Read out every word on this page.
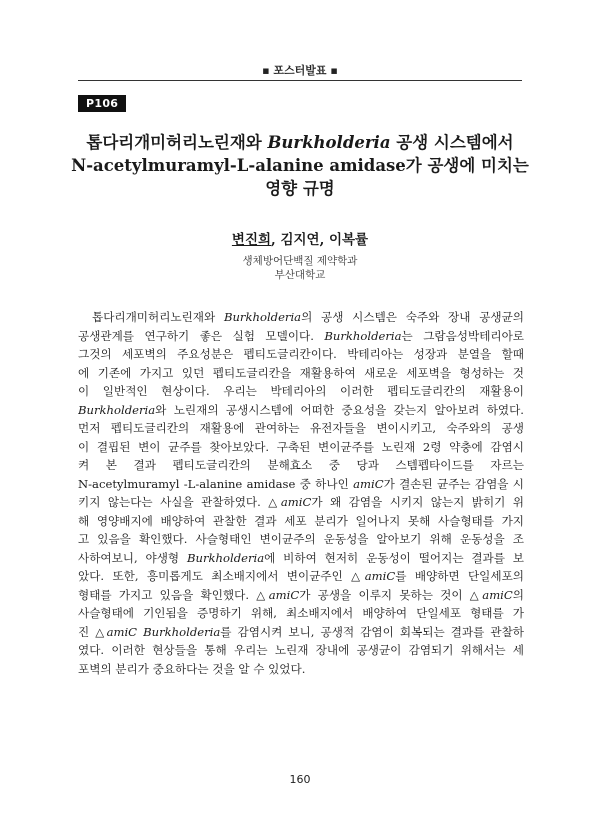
▪ 포스터발표 ▪
P106
톱다리개미허리노린재와 Burkholderia 공생 시스템에서
N-acetylmuramyl-L-alanine amidase가 공생에 미치는
영향 규명
변진희, 김지연, 이복률
생체방어단백질 제약학과
부산대학교
톱다리개미허리노린재와 Burkholderia의 공생 시스템은 숙주와 장내 공생균의
공생관계를 연구하기 좋은 실험 모델이다. Burkholderia는 그람음성박테리아로
그것의 세포벽의 주요성분은 펩티도글리칸이다. 박테리아는 성장과 분열을 할때
에 기존에 가지고 있던 펩티도글리칸을 재활용하여 새로운 세포벽을 형성하는 것
이 일반적인 현상이다. 우리는 박테리아의 이러한 펩티도글리칸의 재활용이
Burkholderia와 노린재의 공생시스템에 어떠한 중요성을 갖는지 알아보려 하였다.
먼저 펩티도글리칸의 재활용에 관여하는 유전자들을 변이시키고, 숙주와의 공생
이 결핍된 변이 균주를 찾아보았다. 구축된 변이균주를 노린재 2령 약충에 감염시
켜 본 결과 펩티도글리칸의 분해효소 중 당과 스템펩타이드를 자르는
N-acetylmuramyl -L-alanine amidase 중 하나인 amiC가 결손된 균주는 감염을 시
키지 않는다는 사실을 관찰하였다. △amiC가 왜 감염을 시키지 않는지 밝히기 위
해 영양배지에 배양하여 관찰한 결과 세포 분리가 일어나지 못해 사슬형태를 가지
고 있음을 확인했다. 사슬형태인 변이균주의 운동성을 알아보기 위해 운동성을 조
사하여보니, 야생형 Burkholderia에 비하여 현저히 운동성이 떨어지는 결과를 보
았다. 또한, 흥미롭게도 최소배지에서 변이균주인 △amiC를 배양하면 단일세포의
형태를 가지고 있음을 확인했다. △amiC가 공생을 이루지 못하는 것이 △amiC의
사슬형태에 기인됨을 증명하기 위해, 최소배지에서 배양하여 단일세포 형태를 가
진 △amiC Burkholderia를 감염시켜 보니, 공생적 감염이 회복되는 결과를 관찰하
였다. 이러한 현상들을 통해 우리는 노린재 장내에 공생균이 감염되기 위해서는 세
포벽의 분리가 중요하다는 것을 알 수 있었다.
160
